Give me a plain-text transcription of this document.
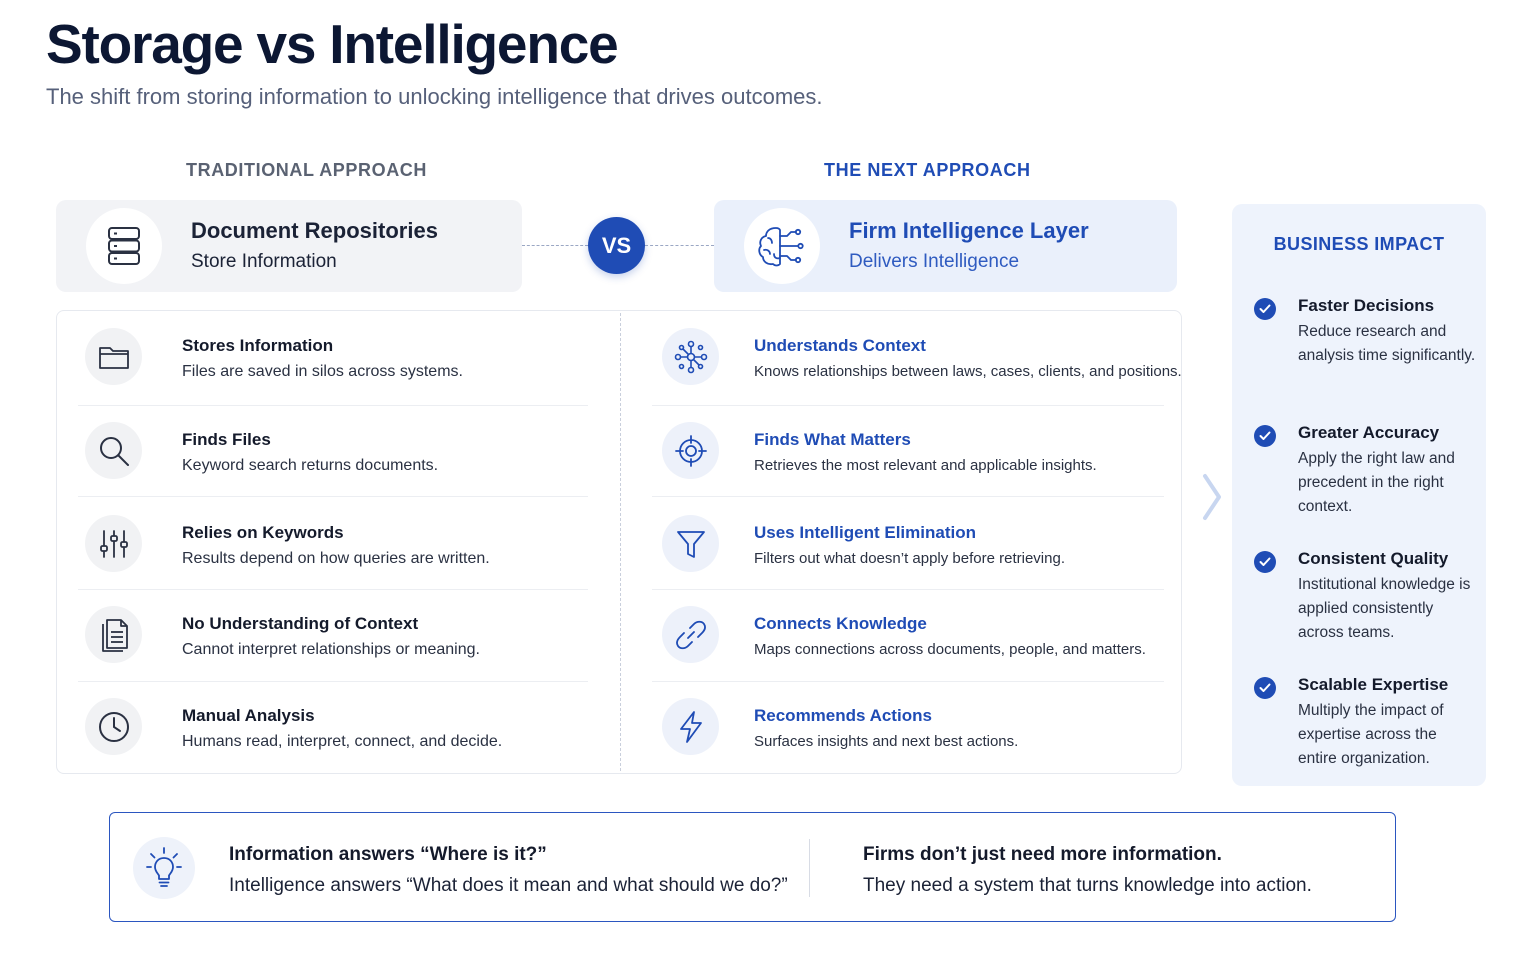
Storage vs Intelligence
The shift from storing information to unlocking intelligence that drives outcomes.
TRADITIONAL APPROACH	THE NEXT APPROACH
Document Repositories
Store Information
VS
Firm Intelligence Layer
Delivers Intelligence
Stores Information
Files are saved in silos across systems.
Finds Files
Keyword search returns documents.
Relies on Keywords
Results depend on how queries are written.
No Understanding of Context
Cannot interpret relationships or meaning.
Manual Analysis
Humans read, interpret, connect, and decide.
Understands Context
Knows relationships between laws, cases, clients, and positions.
Finds What Matters
Retrieves the most relevant and applicable insights.
Uses Intelligent Elimination
Filters out what doesn’t apply before retrieving.
Connects Knowledge
Maps connections across documents, people, and matters.
Recommends Actions
Surfaces insights and next best actions.
BUSINESS IMPACT
Faster Decisions
Reduce research and analysis time significantly.
Greater Accuracy
Apply the right law and precedent in the right context.
Consistent Quality
Institutional knowledge is applied consistently across teams.
Scalable Expertise
Multiply the impact of expertise across the entire organization.
Information answers “Where is it?”
Intelligence answers “What does it mean and what should we do?”
Firms don’t just need more information.
They need a system that turns knowledge into action.
